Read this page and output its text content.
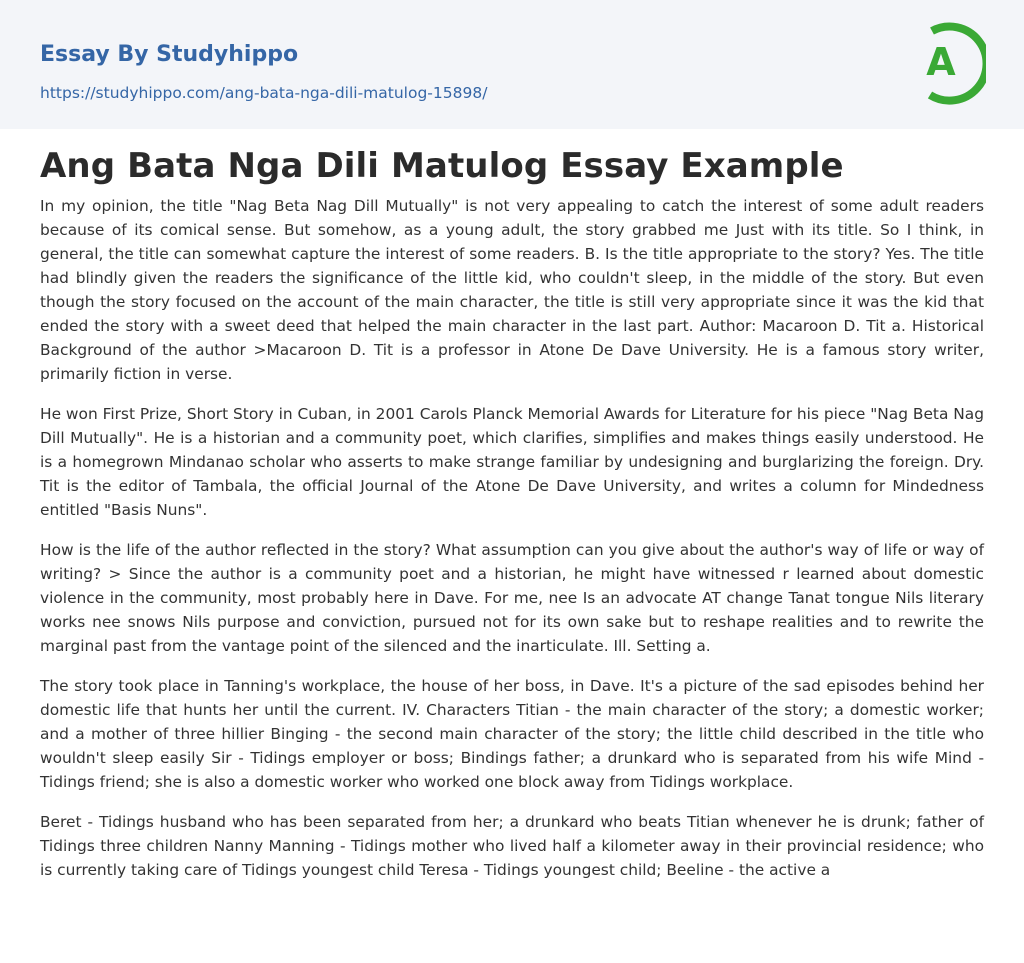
Essay By Studyhippo
https://studyhippo.com/ang-bata-nga-dili-matulog-15898/
A
Ang Bata Nga Dili Matulog Essay Example

In my opinion, the title "Nag Beta Nag Dill Mutually" is not very appealing to catch the interest of some adult readers because of its comical sense. But somehow, as a young adult, the story grabbed me Just with its title. So I think, in general, the title can somewhat capture the interest of some readers. B. Is the title appropriate to the story? Yes. The title had blindly given the readers the significance of the little kid, who couldn't sleep, in the middle of the story. But even though the story focused on the account of the main character, the title is still very appropriate since it was the kid that ended the story with a sweet deed that helped the main character in the last part. Author: Macaroon D. Tit a. Historical Background of the author >Macaroon D. Tit is a professor in Atone De Dave University. He is a famous story writer, primarily fiction in verse.

He won First Prize, Short Story in Cuban, in 2001 Carols Planck Memorial Awards for Literature for his piece "Nag Beta Nag Dill Mutually". He is a historian and a community poet, which clarifies, simplifies and makes things easily understood. He is a homegrown Mindanao scholar who asserts to make strange familiar by undesigning and burglarizing the foreign. Dry. Tit is the editor of Tambala, the official Journal of the Atone De Dave University, and writes a column for Mindedness entitled "Basis Nuns".

How is the life of the author reflected in the story? What assumption can you give about the author's way of life or way of writing? > Since the author is a community poet and a historian, he might have witnessed r learned about domestic violence in the community, most probably here in Dave. For me, nee Is an advocate AT change Tanat tongue Nils literary works nee snows Nils purpose and conviction, pursued not for its own sake but to reshape realities and to rewrite the marginal past from the vantage point of the silenced and the inarticulate. Ill. Setting a.

The story took place in Tanning's workplace, the house of her boss, in Dave. It's a picture of the sad episodes behind her domestic life that hunts her until the current. IV. Characters Titian - the main character of the story; a domestic worker; and a mother of three hillier Binging - the second main character of the story; the little child described in the title who wouldn't sleep easily Sir - Tidings employer or boss; Bindings father; a drunkard who is separated from his wife Mind - Tidings friend; she is also a domestic worker who worked one block away from Tidings workplace.

Beret - Tidings husband who has been separated from her; a drunkard who beats Titian whenever he is drunk; father of Tidings three children Nanny Manning - Tidings mother who lived half a kilometer away in their provincial residence; who is currently taking care of Tidings youngest child Teresa - Tidings youngest child; Beeline - the active a
